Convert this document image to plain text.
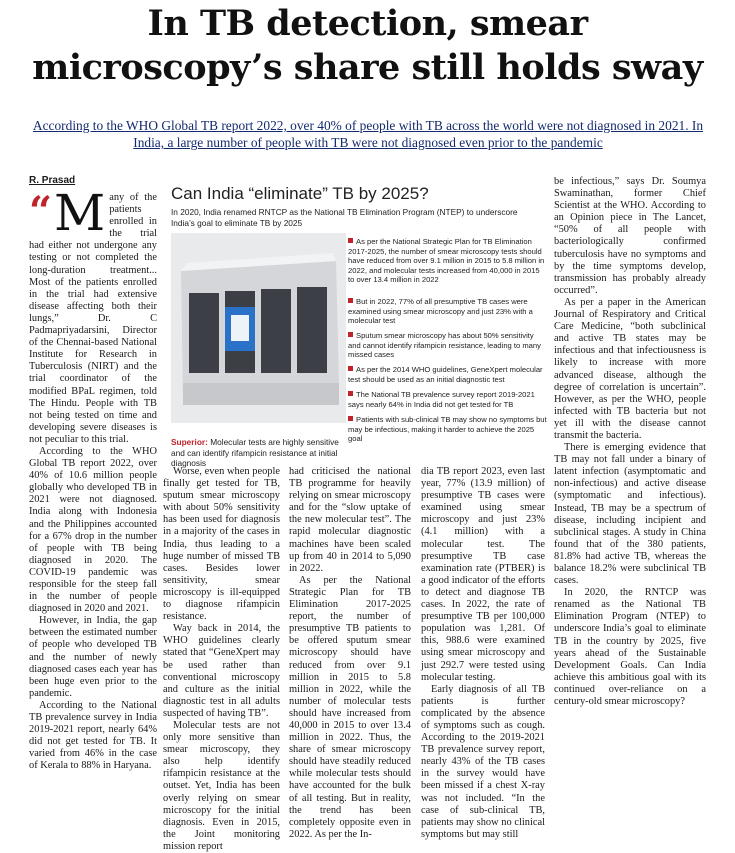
In TB detection, smear
microscopy’s share still holds sway
According to the WHO Global TB report 2022, over 40% of people with TB across the world were not diagnosed in 2021. In India, a large number of people with TB were not diagnosed even prior to the pandemic
R. Prasad

“ M any of the patients enrolled in the trial had either not undergone any testing or not completed the long-duration treatment... Most of the patients enrolled in the trial had extensive disease affecting both their lungs,” Dr. C Padmapriyadarsini, Director of the Chennai-based National Institute for Research in Tuberculosis (NIRT) and the trial coordinator of the modified BPaL regimen, told The Hindu. People with TB not being tested on time and developing severe diseases is not peculiar to this trial.

According to the WHO Global TB report 2022, over 40% of 10.6 million people globally who developed TB in 2021 were not diagnosed. India along with Indonesia and the Philippines accounted for a 67% drop in the number of people with TB being diagnosed in 2020. The COVID-19 pandemic was responsible for the steep fall in the number of people diagnosed in 2020 and 2021.

However, in India, the gap between the estimated number of people who developed TB and the number of newly diagnosed cases each year has been huge even prior to the pandemic.

According to the National TB prevalence survey in India 2019-2021 report, nearly 64% did not get tested for TB. It varied from 46% in the case of Kerala to 88% in Haryana.

Can India “eliminate” TB by 2025?
In 2020, India renamed RNTCP as the National TB Elimination Program (NTEP) to underscore India’s goal to eliminate TB by 2025
Superior: Molecular tests are highly sensitive and can identify rifampicin resistance at initial diagnosis
As per the National Strategic Plan for TB Elimination 2017-2025, the number of smear microscopy tests should have reduced from over 9.1 million in 2015 to 5.8 million in 2022, and molecular tests increased from 40,000 in 2015 to over 13.4 million in 2022
But in 2022, 77% of all presumptive TB cases were examined using smear microscopy and just 23% with a molecular test
Sputum smear microscopy has about 50% sensitivity and cannot identify rifampicin resistance, leading to many missed cases
As per the 2014 WHO guidelines, GeneXpert molecular test should be used as an initial diagnostic test
The National TB prevalence survey report 2019-2021 says nearly 64% in India did not get tested for TB
Patients with sub-clinical TB may show no symptoms but may be infectious, making it harder to achieve the 2025 goal

Worse, even when people finally get tested for TB, sputum smear microscopy with about 50% sensitivity has been used for diagnosis in a majority of the cases in India, thus leading to a huge number of missed TB cases. Besides lower sensitivity, smear microscopy is ill-equipped to diagnose rifampicin resistance.

Way back in 2014, the WHO guidelines clearly stated that “GeneXpert may be used rather than conventional microscopy and culture as the initial diagnostic test in all adults suspected of having TB”.

Molecular tests are not only more sensitive than smear microscopy, they also help identify rifampicin resistance at the outset. Yet, India has been overly relying on smear microscopy for the initial diagnosis. Even in 2015, the Joint monitoring mission report

had criticised the national TB programme for heavily relying on smear microscopy and for the “slow uptake of the new molecular test”. The rapid molecular diagnostic machines have been scaled up from 40 in 2014 to 5,090 in 2022.

As per the National Strategic Plan for TB Elimination 2017-2025 report, the number of presumptive TB patients to be offered sputum smear microscopy should have reduced from over 9.1 million in 2015 to 5.8 million in 2022, while the number of molecular tests should have increased from 40,000 in 2015 to over 13.4 million in 2022. Thus, the share of smear microscopy should have steadily reduced while molecular tests should have accounted for the bulk of all testing. But in reality, the trend has been completely opposite even in 2022. As per the In-

dia TB report 2023, even last year, 77% (13.9 million) of presumptive TB cases were examined using smear microscopy and just 23% (4.1 million) with a molecular test. The presumptive TB case examination rate (PTBER) is a good indicator of the efforts to detect and diagnose TB cases. In 2022, the rate of presumptive TB per 100,000 population was 1,281. Of this, 988.6 were examined using smear microscopy and just 292.7 were tested using molecular testing.

Early diagnosis of all TB patients is further complicated by the absence of symptoms such as cough. According to the 2019-2021 TB prevalence survey report, nearly 43% of the TB cases in the survey would have been missed if a chest X-ray was not included. “In the case of sub-clinical TB, patients may show no clinical symptoms but may still

be infectious,” says Dr. Soumya Swaminathan, former Chief Scientist at the WHO. According to an Opinion piece in The Lancet, “50% of all people with bacteriologically confirmed tuberculosis have no symptoms and by the time symptoms develop, transmission has probably already occurred”.

As per a paper in the American Journal of Respiratory and Critical Care Medicine, “both subclinical and active TB states may be infectious and that infectiousness is likely to increase with more advanced disease, although the degree of correlation is uncertain”. However, as per the WHO, people infected with TB bacteria but not yet ill with the disease cannot transmit the bacteria.

There is emerging evidence that TB may not fall under a binary of latent infection (asymptomatic and non-infectious) and active disease (symptomatic and infectious). Instead, TB may be a spectrum of disease, including incipient and subclinical stages. A study in China found that of the 380 patients, 81.8% had active TB, whereas the balance 18.2% were subclinical TB cases.

In 2020, the RNTCP was renamed as the National TB Elimination Program (NTEP) to underscore India’s goal to eliminate TB in the country by 2025, five years ahead of the Sustainable Development Goals. Can India achieve this ambitious goal with its continued over-reliance on a century-old smear microscopy?
